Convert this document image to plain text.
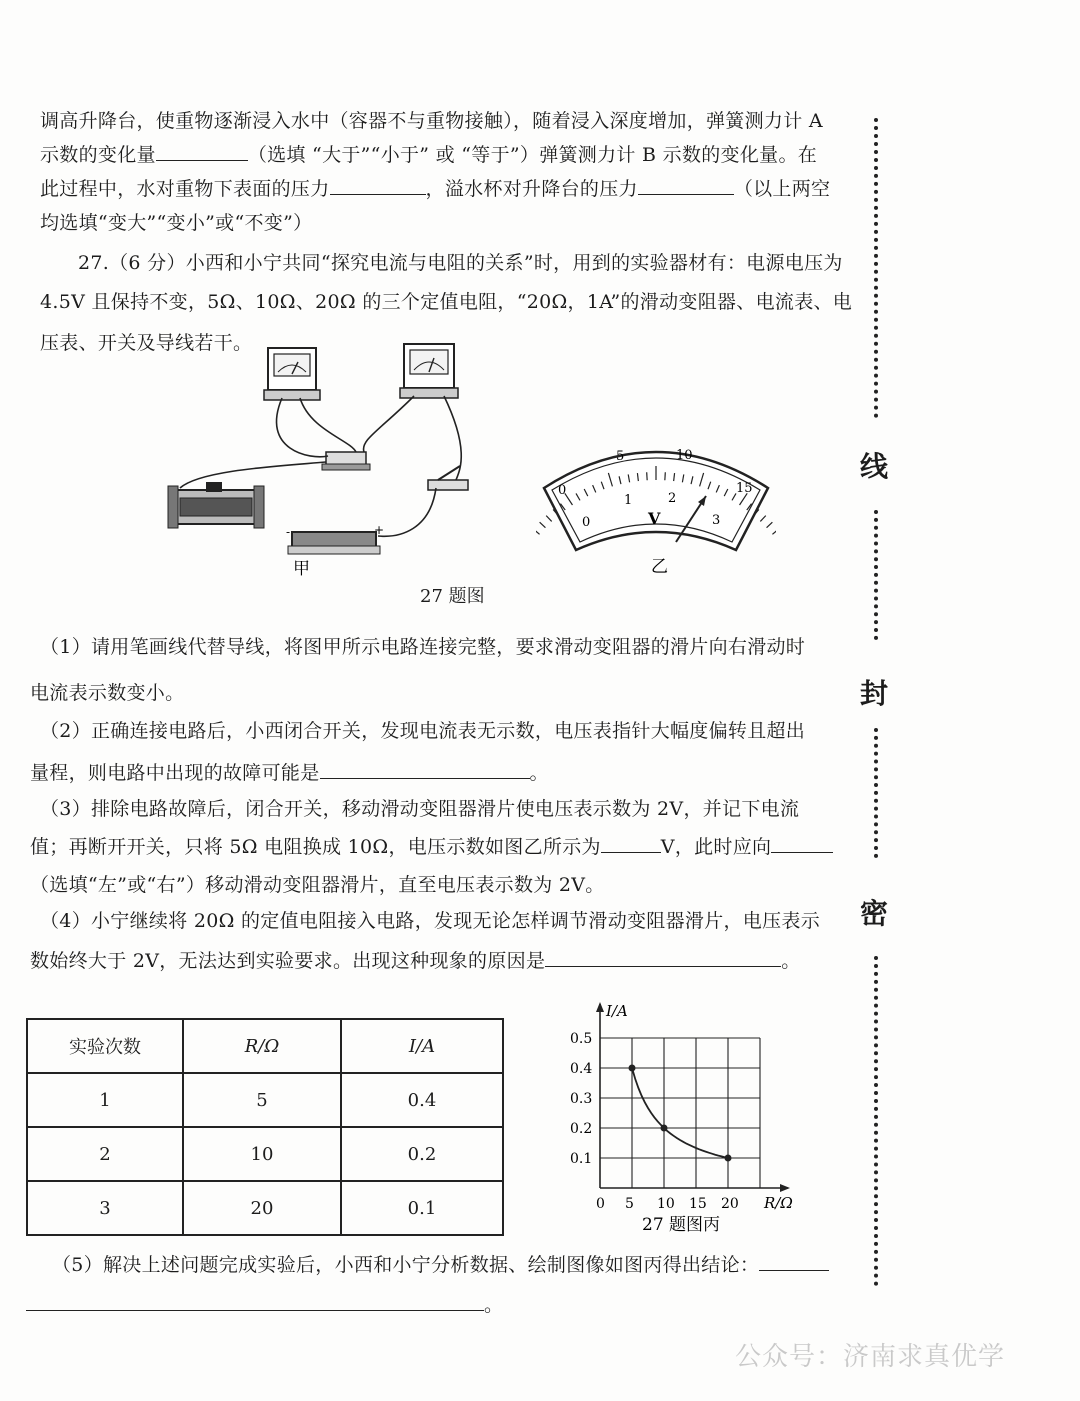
调高升降台，使重物逐渐浸入水中（容器不与重物接触），随着浸入深度增加，弹簧测力计 A
示数的变化量	（选填 “大于”“小于” 或 “等于”）弹簧测力计 B 示数的变化量。在
此过程中，水对重物下表面的压力	，溢水杯对升降台的压力	（以上两空
均选填“变大”“变小”或“不变”）
27.（6 分）小西和小宁共同“探究电流与电阻的关系”时，用到的实验器材有：电源电压为
4.5V 且保持不变，5Ω、10Ω、20Ω 的三个定值电阻，“20Ω，1A”的滑动变阻器、电流表、电
压表、开关及导线若干。
-	+
甲
0
5	10
15
0
1	2
3
V
乙
27 题图
（1）请用笔画线代替导线，将图甲所示电路连接完整，要求滑动变阻器的滑片向右滑动时
电流表示数变小。
（2）正确连接电路后，小西闭合开关，发现电流表无示数，电压表指针大幅度偏转且超出
量程，则电路中出现的故障可能是	。
（3）排除电路故障后，闭合开关，移动滑动变阻器滑片使电压表示数为 2V，并记下电流
值；再断开开关，只将 5Ω 电阻换成 10Ω，电压示数如图乙所示为	V，此时应向
（选填“左”或“右”）移动滑动变阻器滑片，直至电压表示数为 2V。
（4）小宁继续将 20Ω 的定值电阻接入电路，发现无论怎样调节滑动变阻器滑片，电压表示
数始终大于 2V，无法达到实验要求。出现这种现象的原因是	。
实验次数	R/Ω	I/A
1	5	0.4
2	10	0.2
3	20	0.1	0 5 10 15 20
0.1
0.2
0.3
0.4
0.5
I/A
R/Ω
27 题图丙
（5）解决上述问题完成实验后，小西和小宁分析数据、绘制图像如图丙得出结论：
。
线
封
密
公众号：济南求真优学
